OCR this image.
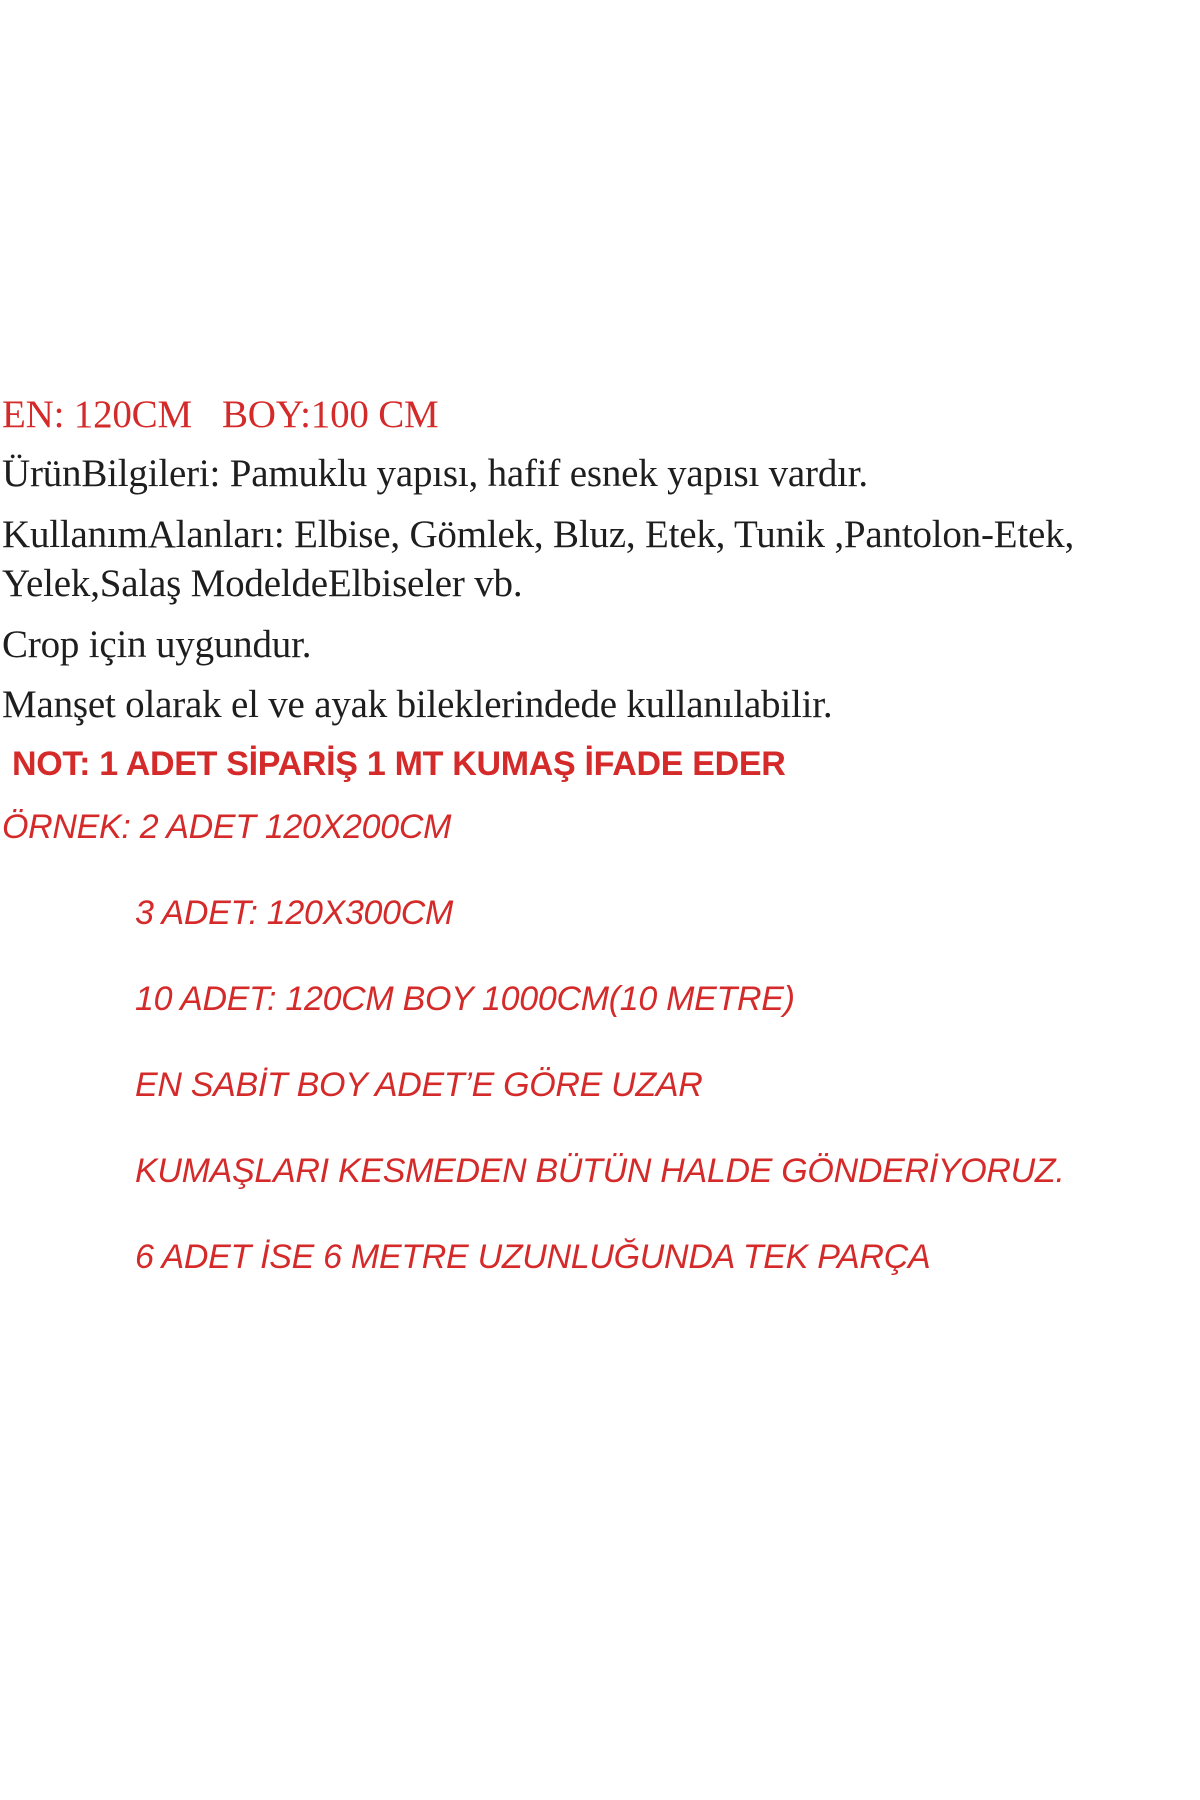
EN: 120CM BOY:100 CM

ÜrünBilgileri: Pamuklu yapısı, hafif esnek yapısı vardır.

KullanımAlanları: Elbise, Gömlek, Bluz, Etek, Tunik ,Pantolon-Etek,

Yelek,Salaş ModeldeElbiseler vb.

Crop için uygundur.

Manşet olarak el ve ayak bileklerindede kullanılabilir.

NOT: 1 ADET SİPARİŞ 1 MT KUMAŞ İFADE EDER

ÖRNEK: 2 ADET 120X200CM

3 ADET: 120X300CM

10 ADET: 120CM BOY 1000CM(10 METRE)

EN SABİT BOY ADET’E GÖRE UZAR

KUMAŞLARI KESMEDEN BÜTÜN HALDE GÖNDERİYORUZ.

6 ADET İSE 6 METRE UZUNLUĞUNDA TEK PARÇA
